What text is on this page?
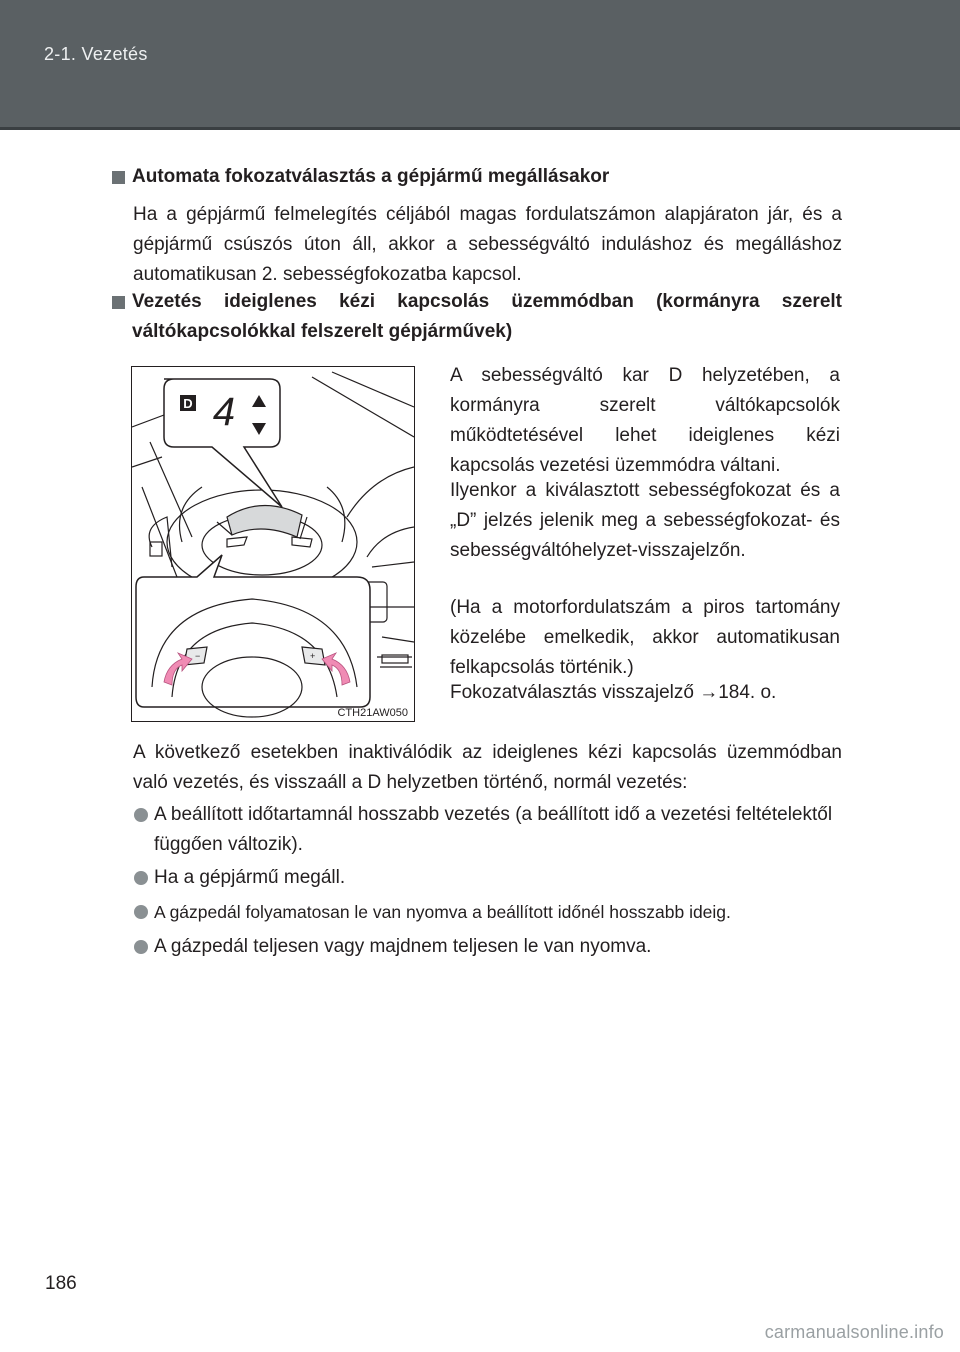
2-1. Vezetés
Automata fokozatválasztás a gépjármű megállásakor
Ha a gépjármű felmelegítés céljából magas fordulatszámon alapjáraton jár, és a gépjármű csúszós úton áll, akkor a sebességváltó induláshoz és megálláshoz automatikusan 2. sebességfokozatba kapcsol.
Vezetés ideiglenes kézi kapcsolás üzemmódban (kormányra szerelt váltókapcsolókkal felszerelt gépjárművek)
D 4
−	+
CTH21AW050
A sebességváltó kar D helyzetében, a kormányra szerelt váltókapcsolók működtetésével lehet ideiglenes kézi kapcsolás vezetési üzemmódra váltani.
Ilyenkor a kiválasztott sebességfokozat és a „D” jelzés jelenik meg a sebességfokozat- és sebességváltóhelyzet-visszajelzőn.
(Ha a motorfordulatszám a piros tartomány közelébe emelkedik, akkor automatikusan felkapcsolás történik.)
Fokozatválasztás visszajelző →184. o.
A következő esetekben inaktiválódik az ideiglenes kézi kapcsolás üzemmódban való vezetés, és visszaáll a D helyzetben történő, normál vezetés:
A beállított időtartamnál hosszabb vezetés (a beállított idő a vezetési feltételektől függően változik).
Ha a gépjármű megáll.
A gázpedál folyamatosan le van nyomva a beállított időnél hosszabb ideig.
A gázpedál teljesen vagy majdnem teljesen le van nyomva.
186
carmanualsonline.info
